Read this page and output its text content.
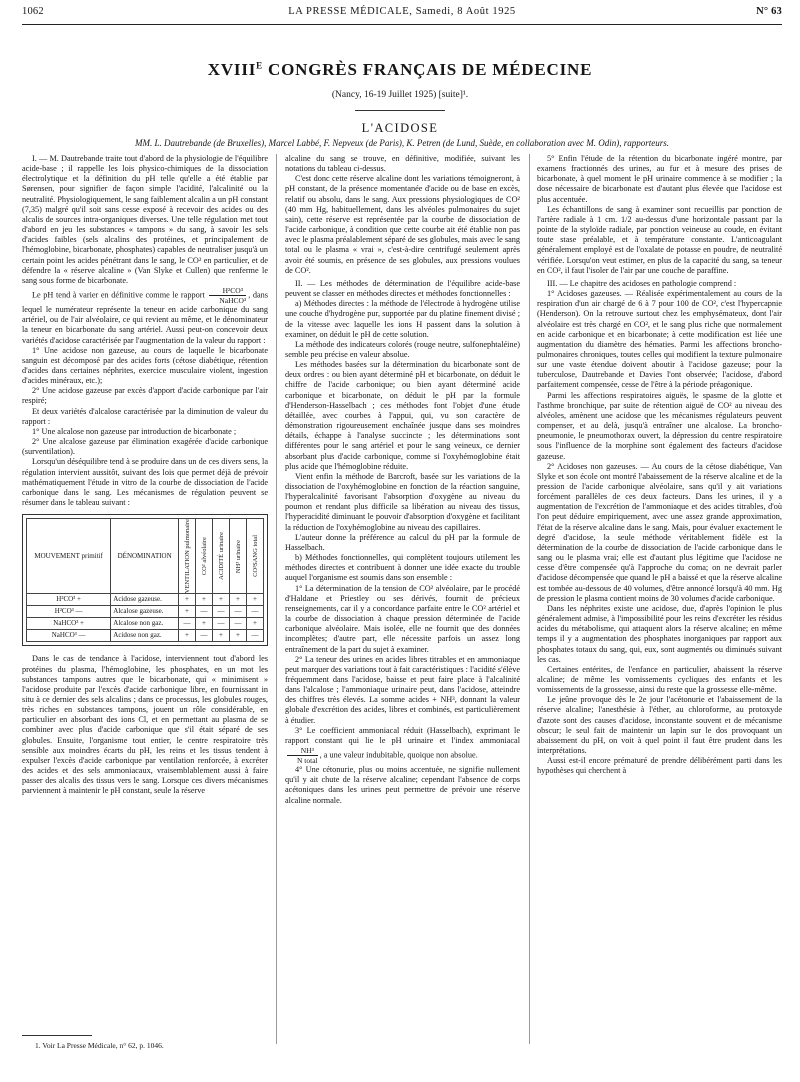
1062	LA PRESSE MÉDICALE, Samedi, 8 Août 1925	N° 63
$XVIII^E$ CONGRÈS FRANÇAIS DE MÉDECINE
(Nancy, 16-19 Juillet 1925) [suite]¹.
L'ACIDOSE
MM. L. Dautrebande (de Bruxelles), Marcel Labbé, F. Nepveux (de Paris), K. Petren (de Lund, Suède, en collaboration avec M. Odin), rapporteurs.

I. — M. Dautrebande traite tout d'abord de la physiologie de l'équilibre acide-base ; il rappelle les lois physico-chimiques de la dissociation électrolytique et la définition du pH telle qu'elle a été établie par Sørensen, pour signifier de façon simple l'acidité, l'alcalinité ou la neutralité. Physiologiquement, le sang faiblement alcalin a un pH constant (7,35) malgré qu'il soit sans cesse exposé à recevoir des acides ou des alcalis de sources intra-organiques diverses. Une telle régulation met tout d'abord en jeu les substances « tampons » du sang, à savoir les sels d'acides faibles (sels alcalins des protéines, et principalement de l'hémoglobine, bicarbonate, phosphates) capables de neutraliser jusqu'à un certain point les acides pénétrant dans le sang, le CO² en particulier, et de défendre la « réserve alcaline » (Van Slyke et Cullen) que renferme le sang sous forme de bicarbonate.

Le pH tend à varier en définitive comme le rapport $\frac{\text{H²CO³}}{\text{NaHCO³}}$ , dans lequel le numérateur représente la teneur en acide carbonique du sang artériel, ou de l'air alvéolaire, ce qui revient au même, et le dénominateur la teneur en bicarbonate du sang artériel. Aussi peut-on concevoir deux variétés d'acidose caractérisée par l'augmentation de la valeur du rapport :

1° Une acidose non gazeuse, au cours de laquelle le bicarbonate sanguin est décomposé par des acides forts (cétose diabétique, rétention d'acides dans certaines néphrites, exercice musculaire violent, ingestion d'acides minéraux, etc.);

2° Une acidose gazeuse par excès d'apport d'acide carbonique par l'air respiré;

Et deux variétés d'alcalose caractérisée par la diminution de valeur du rapport :

1° Une alcalose non gazeuse par introduction de bicarbonate ;

2° Une alcalose gazeuse par élimination exagérée d'acide carbonique (surventilation).

Lorsqu'un déséquilibre tend à se produire dans un de ces divers sens, la régulation intervient aussitôt, suivant des lois que permet déjà de prévoir mathématiquement l'étude in vitro de la courbe de dissociation de l'acide carbonique dans le sang. Les mécanismes de régulation peuvent se résumer dans le tableau suivant :

MOUVEMENT primitif	DÉNOMINATION	VENTILATION pulmonaire	CO² alvéolaire	ACIDITÉ urinaire	NH³ urinaire	CO²SANG total

H²CO³ +	Acidose gazeuse.	+	+	+	+	+
H²CO³ —	Alcalose gazeuse.	+	—	—	—	—
NaHCO³ +	Alcalose non gaz.	—	+	—	—	+
NaHCO³ —	Acidose non gaz.	+	—	+	+	—

Dans le cas de tendance à l'acidose, interviennent tout d'abord les protéines du plasma, l'hémoglobine, les phosphates, en un mot les substances tampons autres que le bicarbonate, qui « minimisent » l'acidose produite par l'excès d'acide carbonique libre, en fournissant in situ à ce dernier des sels alcalins ; dans ce processus, les globules rouges, très riches en substances tampons, jouent un rôle considérable, en particulier en absorbant des ions Cl, et en permettant au plasma de se combiner avec plus d'acide carbonique que s'il était séparé de ses globules. Ensuite, l'organisme tout entier, le centre respiratoire très sensible aux moindres écarts du pH, les reins et les tissus tendent à expulser l'excès d'acide carbonique par ventilation renforcée, à excréter des acides et des sels ammoniacaux, vraisemblablement aussi à faire passer des alcalis des tissus vers le sang. Lorsque ces divers mécanismes parviennent à maintenir le pH constant, seule la réserve

alcaline du sang se trouve, en définitive, modifiée, suivant les notations du tableau ci-dessus.

C'est donc cette réserve alcaline dont les variations témoigneront, à pH constant, de la présence momentanée d'acide ou de base en excès, relatif ou absolu, dans le sang. Aux pressions physiologiques de CO² (40 mm Hg, habituellement, dans les alvéoles pulmonaires du sujet sain), cette réserve est représentée par la courbe de dissociation de l'acide carbonique, à condition que cette courbe ait été établie non pas avec le plasma préalablement séparé de ses globules, mais avec le sang total ou le plasma « vrai », c'est-à-dire centrifugé seulement après avoir été soumis, en présence de ses globules, aux pressions voulues de CO².

II. — Les méthodes de détermination de l'équilibre acide-base peuvent se classer en méthodes directes et méthodes fonctionnelles :

a) Méthodes directes : la méthode de l'électrode à hydrogène utilise une couche d'hydrogène pur, supportée par du platine finement divisé ; de la vitesse avec laquelle les ions H passent dans la solution à examiner, on déduit le pH de cette solution.

La méthode des indicateurs colorés (rouge neutre, sulfonephtaléine) semble peu précise en valeur absolue.

Les méthodes basées sur la détermination du bicarbonate sont de deux ordres : ou bien ayant déterminé pH et bicarbonate, on déduit le chiffre de l'acide carbonique; ou bien ayant déterminé acide carbonique et bicarbonate, on déduit le pH par la formule d'Henderson-Hasselbach ; ces méthodes font l'objet d'une étude détaillée, avec courbes à l'appui, qui, vu son caractère de démonstration rigoureusement enchaînée jusque dans ses moindres détails, échappe à l'analyse succincte ; les déterminations sont différentes pour le sang artériel et pour le sang veineux, ce dernier absorbant plus d'acide carbonique, comme si l'oxyhémoglobine était plus acide que l'hémoglobine réduite.

Vient enfin la méthode de Barcroft, basée sur les variations de la dissociation de l'oxyhémoglobine en fonction de la réaction sanguine, l'hyperalcalinité favorisant l'absorption d'oxygène au niveau du poumon et rendant plus difficile sa libération au niveau des tissus, l'hyperacidité diminuant le pouvoir d'absorption d'oxygène et facilitant la réduction de l'oxyhémoglobine au niveau des capillaires.

L'auteur donne la préférence au calcul du pH par la formule de Hasselbach.

b) Méthodes fonctionnelles, qui complètent toujours utilement les méthodes directes et contribuent à donner une idée exacte du trouble auquel l'organisme est soumis dans son ensemble :

1° La détermination de la tension de CO² alvéolaire, par le procédé d'Haldane et Priestley ou ses dérivés, fournit de précieux renseignements, car il y a concordance parfaite entre le CO² artériel et la courbe de dissociation à chaque pression déterminée de l'acide carbonique alvéolaire. Mais isolée, elle ne fournit que des données incomplètes; d'autre part, elle nécessite parfois un assez long entraînement de la part du sujet à examiner.

2° La teneur des urines en acides libres titrables et en ammoniaque peut marquer des variations tout à fait caractéristiques : l'acidité s'élève fréquemment dans l'acidose, baisse et peut faire place à l'alcalinité dans l'alcalose ; l'ammoniaque urinaire peut, dans l'acidose, atteindre des chiffres très élevés. La somme acides + NH³, donnant la valeur globale d'excrétion des acides, libres et combinés, est particulièrement à étudier.

3° Le coefficient ammoniacal réduit (Hasselbach), exprimant le rapport constant qui lie le pH urinaire et l'index ammoniacal
$\frac{\text{NH³}}{\text{N total}}$ , a une valeur indubitable, quoique non absolue.

4° Une cétonurie, plus ou moins accentuée, ne signifie nullement qu'il y ait chute de la réserve alcaline; cependant l'absence de corps acétoniques dans les urines peut permettre de prévoir une réserve alcaline normale.

5° Enfin l'étude de la rétention du bicarbonate ingéré montre, par examens fractionnés des urines, au fur et à mesure des prises de bicarbonate, à quel moment le pH urinaire commence à se modifier ; la dose nécessaire de bicarbonate est d'autant plus élevée que l'acidose est plus accentuée.

Les échantillons de sang à examiner sont recueillis par ponction de l'artère radiale à 1 cm. 1/2 au-dessus d'une horizontale passant par la pointe de la styloïde radiale, par ponction veineuse au coude, en évitant toute stase préalable, et à température constante. L'anticoagulant généralement employé est de l'oxalate de potasse en poudre, de neutralité vérifiée. Lorsqu'on veut estimer, en plus de la capacité du sang, sa teneur en CO², il faut l'isoler de l'air par une couche de paraffine.

III. — Le chapitre des acidoses en pathologie comprend :

1° Acidoses gazeuses. — Réalisée expérimentalement au cours de la respiration d'un air chargé de 6 à 7 pour 100 de CO², c'est l'hypercapnie (Henderson). On la retrouve surtout chez les emphysémateux, dont l'air alvéolaire est très chargé en CO², et le sang plus riche que normalement en acide carbonique et en bicarbonate; à cette modification est liée une augmentation du diamètre des hématies. Parmi les affections broncho-pulmonaires chroniques, toutes celles qui modifient la texture pulmonaire sur une vaste étendue doivent aboutir à l'acidose gazeuse; pour la tuberculose, Dautrebande et Davies l'ont observée; l'acidose, d'abord parfaitement compensée, cesse de l'être à la période préagonique.

Parmi les affections respiratoires aiguës, le spasme de la glotte et l'asthme bronchique, par suite de rétention aiguë de CO² au niveau des alvéoles, amènent une acidose que les mécanismes régulateurs peuvent compenser, et au delà, jusqu'à entraîner une alcalose. La broncho-pneumonie, le pneumothorax ouvert, la dépression du centre respiratoire sous l'influence de la morphine sont également des facteurs d'acidose gazeuse.

2° Acidoses non gazeuses. — Au cours de la cétose diabétique, Van Slyke et son école ont montré l'abaissement de la réserve alcaline et de la pression de l'acide carbonique alvéolaire, sans qu'il y ait variations forcément parallèles de ces deux facteurs. Dans les urines, il y a augmentation de l'excrétion de l'ammoniaque et des acides titrables, d'où l'on peut déduire empiriquement, avec une assez grande approximation, l'état de la réserve alcaline dans le sang. Mais, pour évaluer exactement le degré d'acidose, la seule méthode véritablement fidèle est la détermination de la courbe de dissociation de l'acide carbonique dans le sang ou le plasma vrai; elle est d'autant plus légitime que l'acidose ne cesse d'être compensée qu'à l'approche du coma; on ne devrait parler d'acidose décompensée que quand le pH a baissé et que la réserve alcaline est tombée au-dessous de 40 volumes, d'être annoncé lorsqu'à 40 mm. Hg de pression le plasma contient moins de 30 volumes d'acide carbonique.

Dans les néphrites existe une acidose, due, d'après l'opinion le plus généralement admise, à l'impossibilité pour les reins d'excréter les résidus acides du métabolisme, qui attaquent alors la réserve alcaline; en même temps il y a augmentation des phosphates inorganiques par rapport aux phosphates totaux du sang, qui, eux, sont augmentés ou diminués suivant les cas.

Certaines entérites, de l'enfance en particulier, abaissent la réserve alcaline; de même les vomissements cycliques des enfants et les vomissements de la grossesse, ainsi du reste que la grossesse elle-même.

Le jeûne provoque dès le 2e jour l'acétonurie et l'abaissement de la réserve alcaline; l'anesthésie à l'éther, au chloroforme, au protoxyde d'azote sont des causes d'acidose, inconstante souvent et de mécanisme obscur; le seul fait de maintenir un lapin sur le dos provoquant un abaissement du pH, on voit à quel point il faut être prudent dans les interprétations.

Aussi est-il encore prématuré de prendre délibérément parti dans les hypothèses qui cherchent à

1. Voir La Presse Médicale, n° 62, p. 1046.
